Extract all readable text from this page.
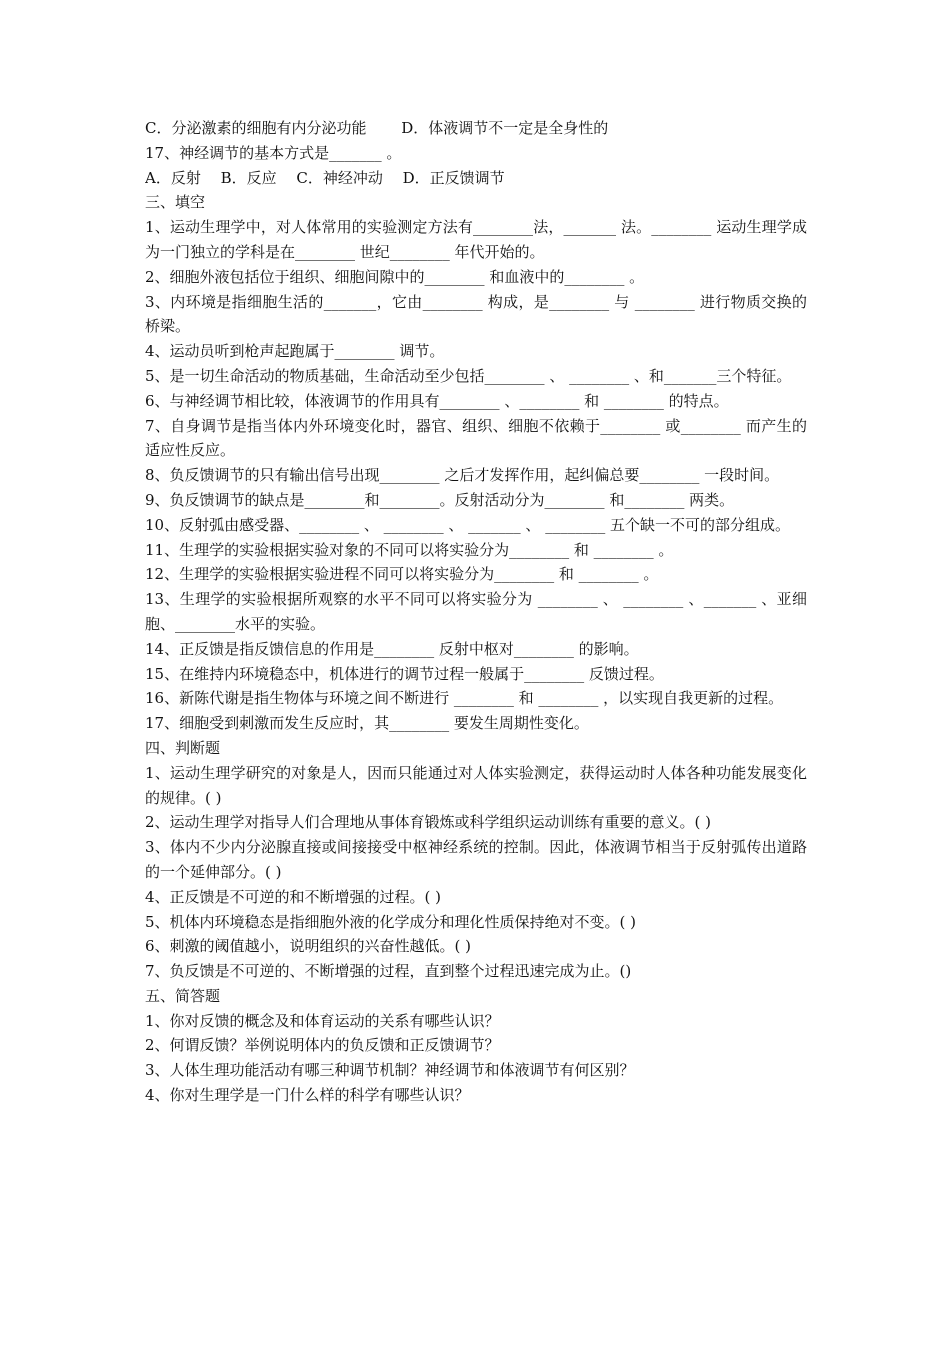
C．分泌激素的细胞有内分泌功能　　 D．体液调节不一定是全身性的
17、神经调节的基本方式是_______ 。
A．反射　 B．反应　 C．神经冲动　 D．正反馈调节
三、填空
1、运动生理学中，对人体常用的实验测定方法有________法，_______ 法。________ 运动生理学成为一门独立的学科是在________ 世纪________ 年代开始的。
2、细胞外液包括位于组织、细胞间隙中的________ 和血液中的________ 。
3、内环境是指细胞生活的_______，它由________ 构成，是________ 与 ________ 进行物质交换的桥梁。
4、运动员听到枪声起跑属于________ 调节。
5、是一切生命活动的物质基础，生命活动至少包括________ 、 ________ 、和_______三个特征。
6、与神经调节相比较，体液调节的作用具有________ 、________ 和 ________ 的特点。
7、自身调节是指当体内外环境变化时，器官、组织、细胞不依赖于________ 或________ 而产生的适应性反应。
8、负反馈调节的只有输出信号出现________ 之后才发挥作用，起纠偏总要________ 一段时间。
9、负反馈调节的缺点是________和________。反射活动分为________ 和________ 两类。
10、反射弧由感受器、________ 、 ________ 、 _______ 、 ________ 五个缺一不可的部分组成。
11、生理学的实验根据实验对象的不同可以将实验分为________ 和 ________ 。
12、生理学的实验根据实验进程不同可以将实验分为________ 和 ________ 。
13、生理学的实验根据所观察的水平不同可以将实验分为 ________ 、 ________ 、_______ 、亚细胞、________水平的实验。
14、正反馈是指反馈信息的作用是________ 反射中枢对________ 的影响。
15、在维持内环境稳态中，机体进行的调节过程一般属于________ 反馈过程。
16、新陈代谢是指生物体与环境之间不断进行 ________ 和 ________ ，以实现自我更新的过程。
17、细胞受到刺激而发生反应时，其________ 要发生周期性变化。
四、判断题
1、运动生理学研究的对象是人，因而只能通过对人体实验测定，获得运动时人体各种功能发展变化的规律。( )
2、运动生理学对指导人们合理地从事体育锻炼或科学组织运动训练有重要的意义。( )
3、体内不少内分泌腺直接或间接接受中枢神经系统的控制。因此，体液调节相当于反射弧传出道路的一个延伸部分。( )
4、正反馈是不可逆的和不断增强的过程。( )
5、机体内环境稳态是指细胞外液的化学成分和理化性质保持绝对不变。( )
6、刺激的阈值越小，说明组织的兴奋性越低。( )
7、负反馈是不可逆的、不断增强的过程，直到整个过程迅速完成为止。()
五、简答题
1、你对反馈的概念及和体育运动的关系有哪些认识？
2、何谓反馈？举例说明体内的负反馈和正反馈调节？
3、人体生理功能活动有哪三种调节机制？神经调节和体液调节有何区别？
4、你对生理学是一门什么样的科学有哪些认识？
